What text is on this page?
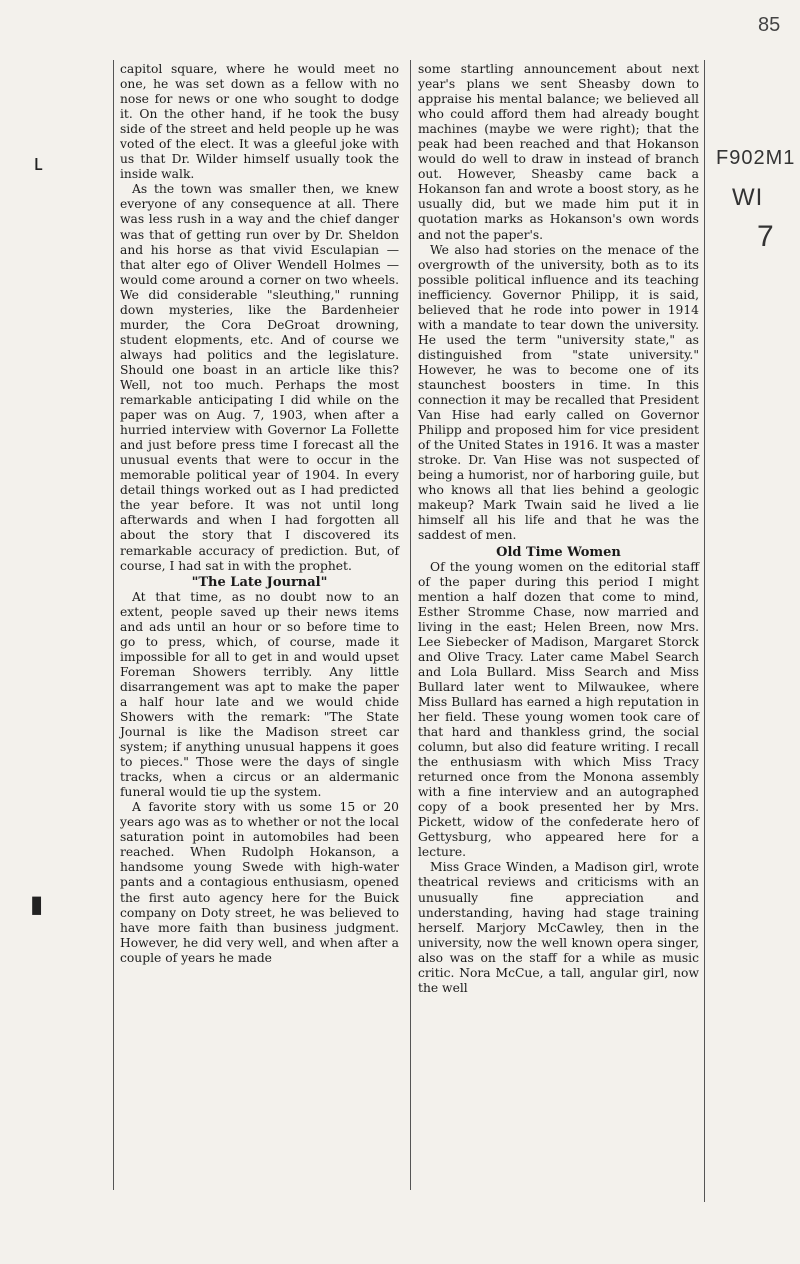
85
F902M1
WI
7
ʟ
▮

capitol square, where he would meet no one, he was set down as a fellow with no nose for news or one who sought to dodge it. On the other hand, if he took the busy side of the street and held people up he was voted of the elect. It was a gleeful joke with us that Dr. Wilder himself usually took the inside walk.

As the town was smaller then, we knew everyone of any consequence at all. There was less rush in a way and the chief danger was that of getting run over by Dr. Sheldon and his horse as that vivid Esculapian — that alter ego of Oliver Wendell Holmes — would come around a corner on two wheels. We did considerable "sleuthing," running down mysteries, like the Bardenheier murder, the Cora DeGroat drowning, student elopments, etc. And of course we always had politics and the legislature. Should one boast in an article like this? Well, not too much. Perhaps the most remarkable anticipating I did while on the paper was on Aug. 7, 1903, when after a hurried interview with Governor La Follette and just before press time I forecast all the unusual events that were to occur in the memorable political year of 1904. In every detail things worked out as I had predicted the year before. It was not until long afterwards and when I had forgotten all about the story that I discovered its remarkable accuracy of prediction. But, of course, I had sat in with the prophet.

"The Late Journal"

At that time, as no doubt now to an extent, people saved up their news items and ads until an hour or so before time to go to press, which, of course, made it impossible for all to get in and would upset Foreman Showers terribly. Any little disarrangement was apt to make the paper a half hour late and we would chide Showers with the remark: "The State Journal is like the Madison street car system; if anything unusual happens it goes to pieces." Those were the days of single tracks, when a circus or an aldermanic funeral would tie up the system.

A favorite story with us some 15 or 20 years ago was as to whether or not the local saturation point in automobiles had been reached. When Rudolph Hokanson, a handsome young Swede with high-water pants and a contagious enthusiasm, opened the first auto agency here for the Buick company on Doty street, he was believed to have more faith than business judgment. However, he did very well, and when after a couple of years he made

some startling announcement about next year's plans we sent Sheasby down to appraise his mental balance; we believed all who could afford them had already bought machines (maybe we were right); that the peak had been reached and that Hokanson would do well to draw in instead of branch out. However, Sheasby came back a Hokanson fan and wrote a boost story, as he usually did, but we made him put it in quotation marks as Hokanson's own words and not the paper's.

We also had stories on the menace of the overgrowth of the university, both as to its possible political influence and its teaching inefficiency. Governor Philipp, it is said, believed that he rode into power in 1914 with a mandate to tear down the university. He used the term "university state," as distinguished from "state university." However, he was to become one of its staunchest boosters in time. In this connection it may be recalled that President Van Hise had early called on Governor Philipp and proposed him for vice president of the United States in 1916. It was a master stroke. Dr. Van Hise was not suspected of being a humorist, nor of harboring guile, but who knows all that lies behind a geologic makeup? Mark Twain said he lived a lie himself all his life and that he was the saddest of men.

Old Time Women

Of the young women on the editorial staff of the paper during this period I might mention a half dozen that come to mind, Esther Stromme Chase, now married and living in the east; Helen Breen, now Mrs. Lee Siebecker of Madison, Margaret Storck and Olive Tracy. Later came Mabel Search and Lola Bullard. Miss Search and Miss Bullard later went to Milwaukee, where Miss Bullard has earned a high reputation in her field. These young women took care of that hard and thankless grind, the social column, but also did feature writing. I recall the enthusiasm with which Miss Tracy returned once from the Monona assembly with a fine interview and an autographed copy of a book presented her by Mrs. Pickett, widow of the confederate hero of Gettysburg, who appeared here for a lecture.

Miss Grace Winden, a Madison girl, wrote theatrical reviews and criticisms with an unusually fine appreciation and understanding, having had stage training herself. Marjory McCawley, then in the university, now the well known opera singer, also was on the staff for a while as music critic. Nora McCue, a tall, angular girl, now the well
